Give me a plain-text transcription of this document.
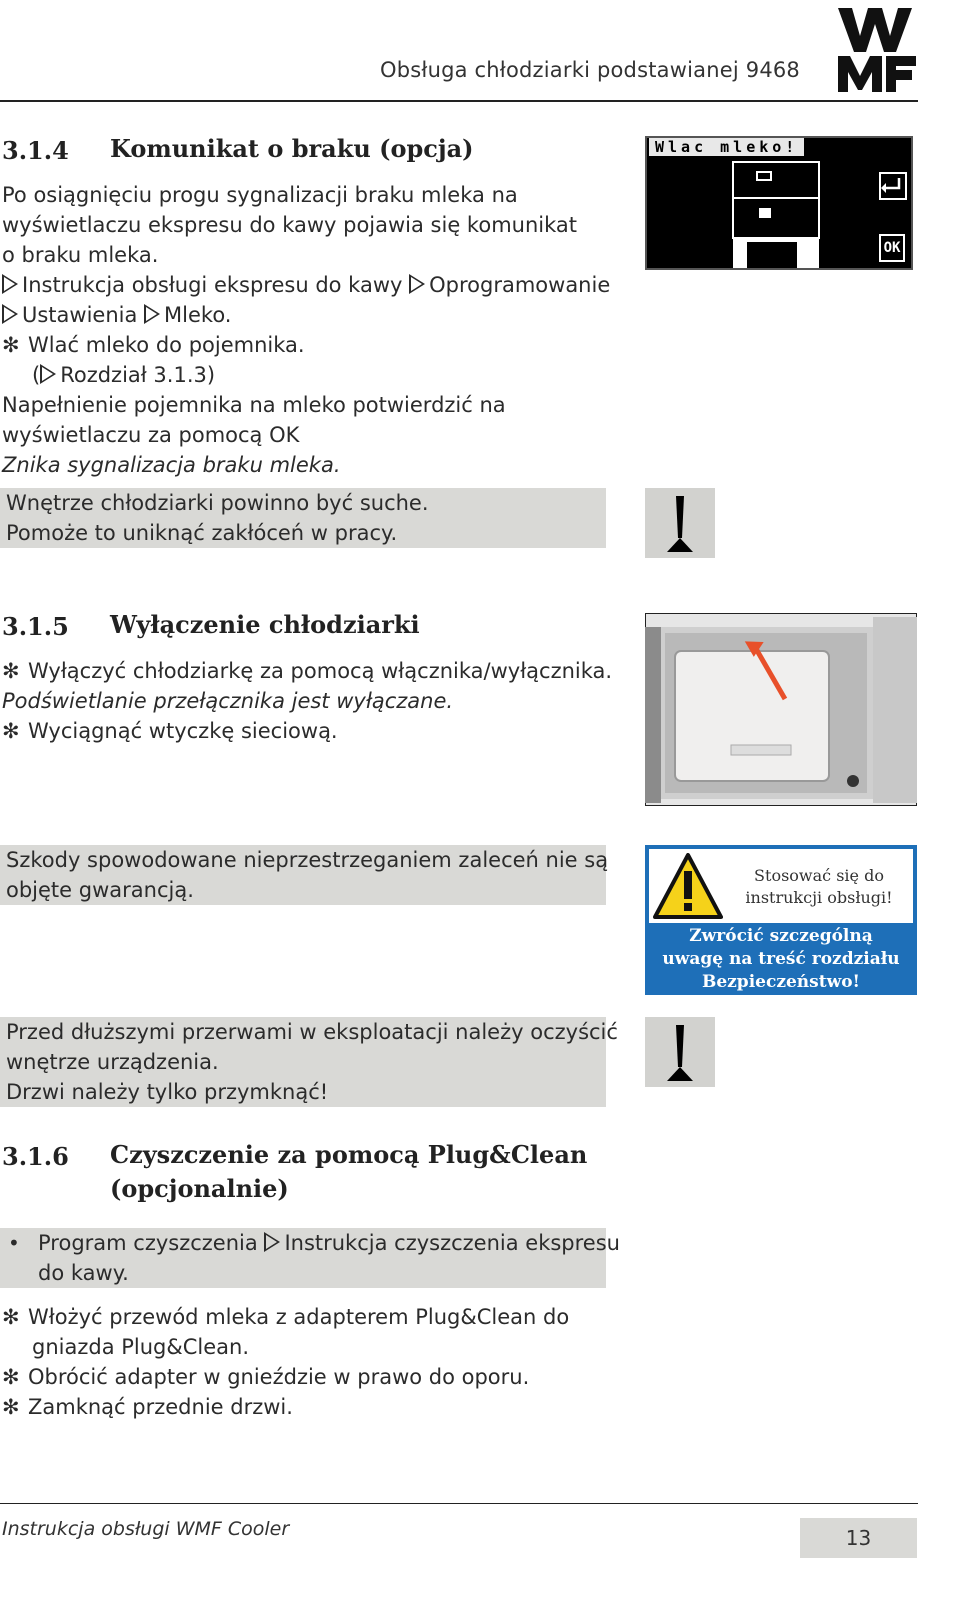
Obsługa chłodziarki podstawianej 9468
3.1.4 Komunikat o braku (opcja)
Po osiągnięciu progu sygnalizacji braku mleka na
wyświetlaczu ekspresu do kawy pojawia się komunikat
o braku mleka.
Instrukcja obsługi ekspresu do kawy Oprogramowanie
Ustawienia Mleko.
✻ Wlać mleko do pojemnika.
( Rozdział 3.1.3)
Napełnienie pojemnika na mleko potwierdzić na
wyświetlaczu za pomocą OK
Znika sygnalizacja braku mleka.
Wnętrze chłodziarki powinno być suche.
Pomoże to uniknąć zakłóceń w pracy.
Wlac mleko!
OK
3.1.5 Wyłączenie chłodziarki
✻ Wyłączyć chłodziarkę za pomocą włącznika/wyłącznika.
Podświetlanie przełącznika jest wyłączane.
✻ Wyciągnąć wtyczkę sieciową.
Szkody spowodowane nieprzestrzeganiem zaleceń nie są
objęte gwarancją.
Stosować się do
instrukcji obsługi!
Zwrócić szczególną
uwagę na treść rozdziału
Bezpieczeństwo!
Przed dłuższymi przerwami w eksploatacji należy oczyścić
wnętrze urządzenia.
Drzwi należy tylko przymknąć!
3.1.6 Czyszczenie za pomocą Plug&Clean
(opcjonalnie)
• Program czyszczenia Instrukcja czyszczenia ekspresu
do kawy.
✻ Włożyć przewód mleka z adapterem Plug&Clean do
gniazda Plug&Clean.
✻ Obrócić adapter w gnieździe w prawo do oporu.
✻ Zamknąć przednie drzwi.
Instrukcja obsługi WMF Cooler	13
